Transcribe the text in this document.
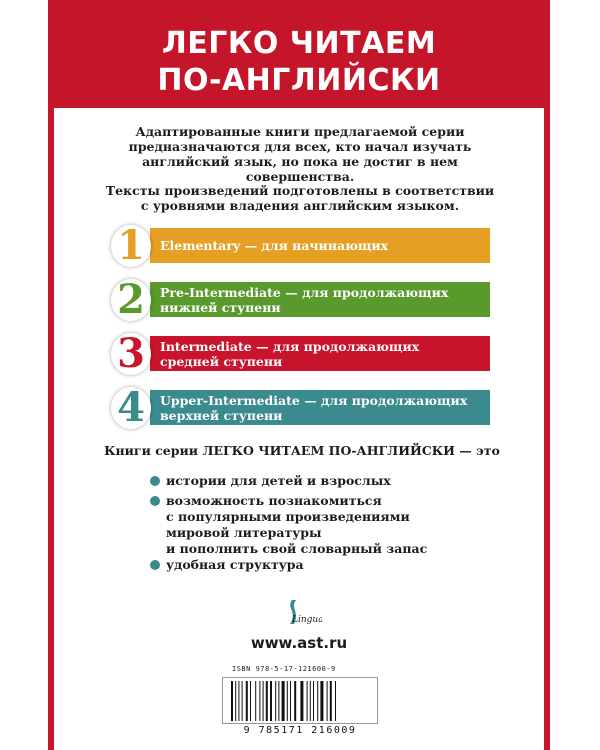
ЛЕГКО ЧИТАЕМ
ПО-АНГЛИЙСКИ
Адаптированные книги предлагаемой серии
предназначаются для всех, кто начал изучать
английский язык, но пока не достиг в нем
совершенства.
Тексты произведений подготовлены в соответствии
с уровнями владения английским языком.
Elementary — для начинающих
1
Pre-Intermediate — для продолжающих
нижней ступени
2
Intermediate — для продолжающих
средней ступени
3
Upper-Intermediate — для продолжающих
верхней ступени
4
Книги серии ЛЕГКО ЧИТАЕМ ПО-АНГЛИЙСКИ — это
истории для детей и взрослых
возможность познакомиться
с популярными произведениями
мировой литературы
и пополнить свой словарный запас
удобная структура
Lingua
www.ast.ru
ISBN 978-5-17-121600-9
9 785171 216009
